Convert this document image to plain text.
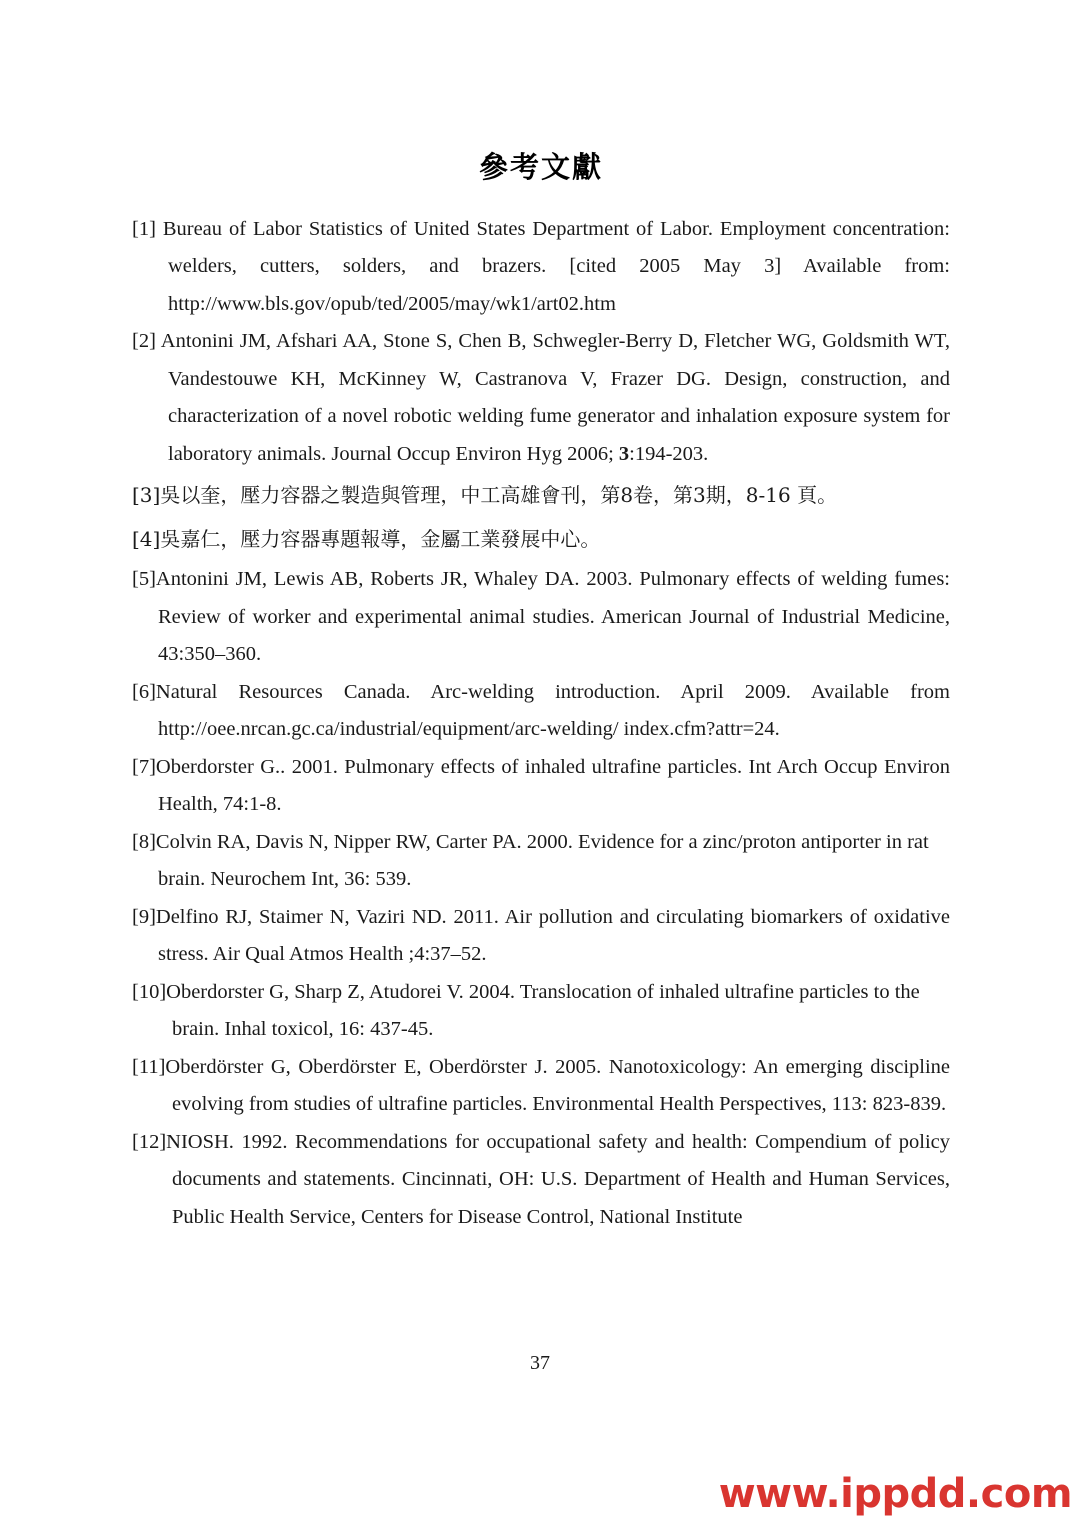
參考文獻
[1] Bureau of Labor Statistics of United States Department of Labor. Employment concentration: welders, cutters, solders, and brazers. [cited 2005 May 3] Available from: http://www.bls.gov/opub/ted/2005/may/wk1/art02.htm
[2] Antonini JM, Afshari AA, Stone S, Chen B, Schwegler-Berry D, Fletcher WG, Goldsmith WT, Vandestouwe KH, McKinney W, Castranova V, Frazer DG. Design, construction, and characterization of a novel robotic welding fume generator and inhalation exposure system for laboratory animals. Journal Occup Environ Hyg 2006; 3:194-203.
[3]吳以奎，壓力容器之製造與管理，中工高雄會刊，第8卷，第3期，8-16 頁。
[4]吳嘉仁，壓力容器專題報導，金屬工業發展中心。
[5]Antonini JM, Lewis AB, Roberts JR, Whaley DA. 2003. Pulmonary effects of welding fumes: Review of worker and experimental animal studies. American Journal of Industrial Medicine, 43:350–360.
[6]Natural Resources Canada. Arc-welding introduction. April 2009. Available from http://oee.nrcan.gc.ca/industrial/equipment/arc-welding/ index.cfm?attr=24.
[7]Oberdorster G.. 2001. Pulmonary effects of inhaled ultrafine particles. Int Arch Occup Environ Health, 74:1-8.
[8]Colvin RA, Davis N, Nipper RW, Carter PA. 2000. Evidence for a zinc/proton antiporter in rat brain. Neurochem Int, 36: 539.
[9]Delfino RJ, Staimer N, Vaziri ND. 2011. Air pollution and circulating biomarkers of oxidative stress. Air Qual Atmos Health ;4:37–52.
[10]Oberdorster G, Sharp Z, Atudorei V. 2004. Translocation of inhaled ultrafine particles to the brain. Inhal toxicol, 16: 437-45.
[11]Oberdörster G, Oberdörster E, Oberdörster J. 2005. Nanotoxicology: An emerging discipline evolving from studies of ultrafine particles. Environmental Health Perspectives, 113: 823-839.
[12]NIOSH. 1992. Recommendations for occupational safety and health: Compendium of policy documents and statements. Cincinnati, OH: U.S. Department of Health and Human Services, Public Health Service, Centers for Disease Control, National Institute
37
www.ippdd.com
